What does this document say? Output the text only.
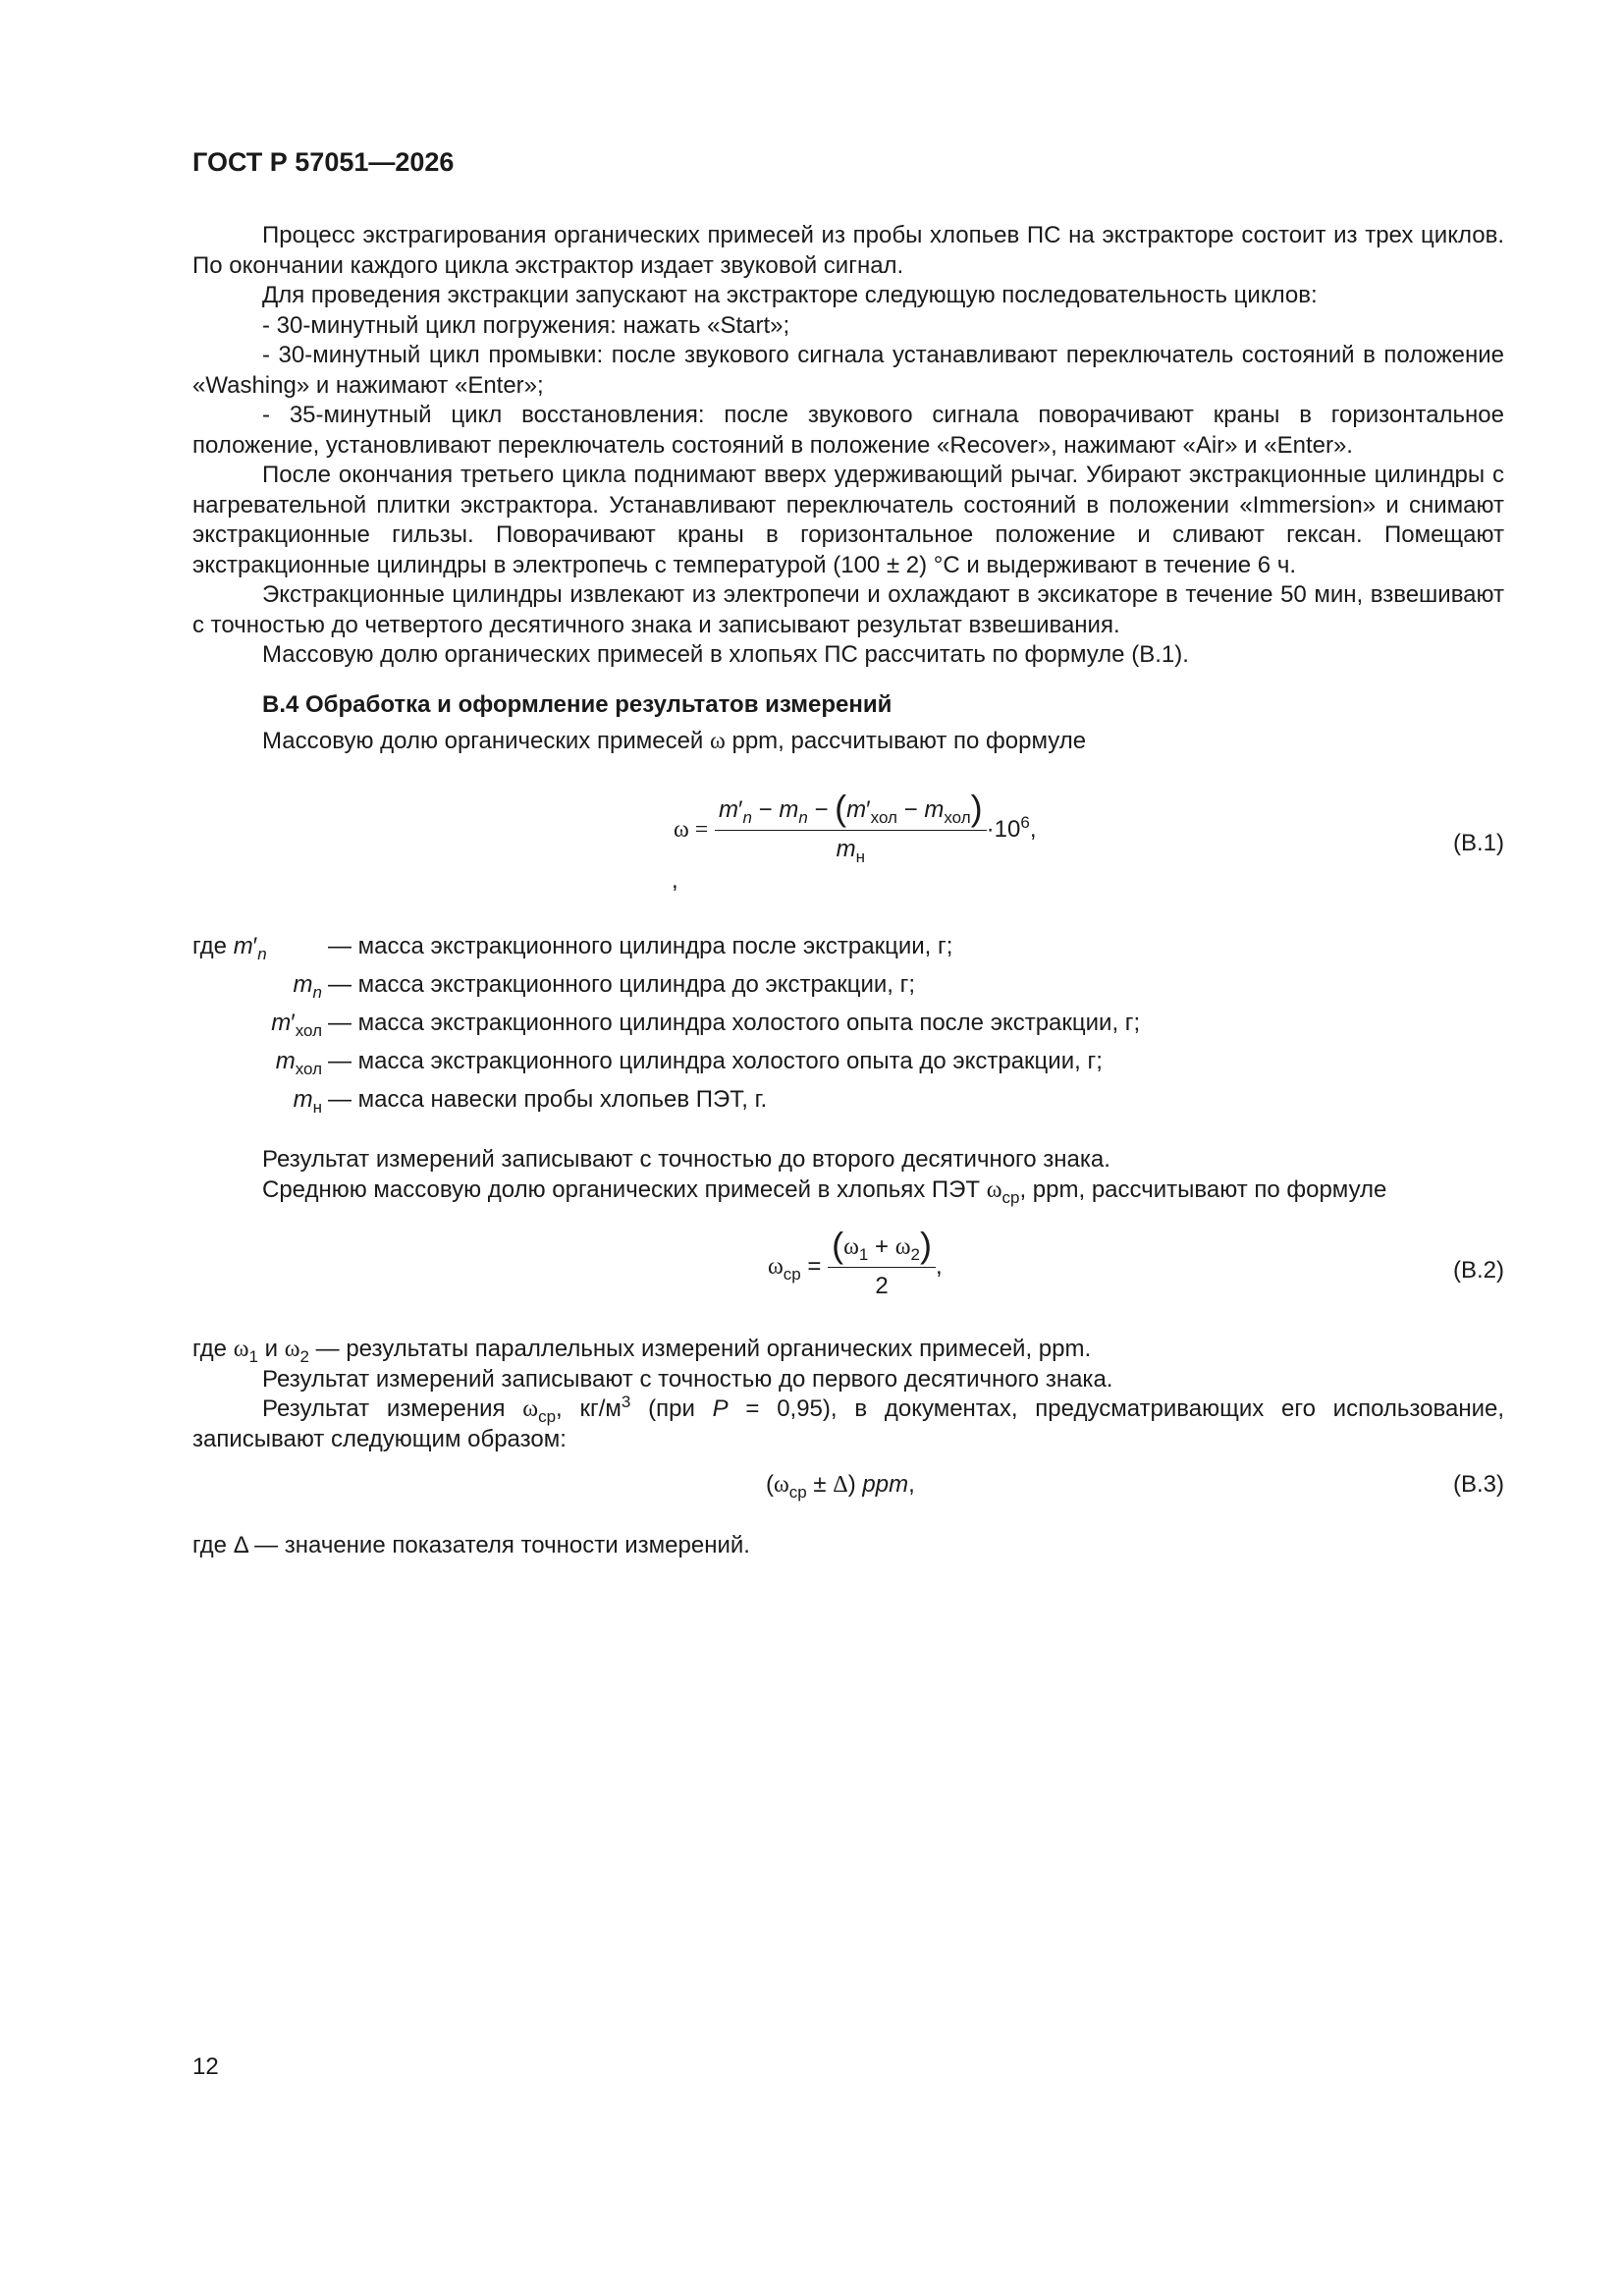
ГОСТ Р 57051—2026

Процесс экстрагирования органических примесей из пробы хлопьев ПС на экстракторе состоит из трех циклов. По окончании каждого цикла экстрактор издает звуковой сигнал.

Для проведения экстракции запускают на экстракторе следующую последовательность циклов:

- 30-минутный цикл погружения: нажать «Start»;

- 30-минутный цикл промывки: после звукового сигнала устанавливают переключатель состояний в положение «Washing» и нажимают «Enter»;

- 35-минутный цикл восстановления: после звукового сигнала поворачивают краны в горизонтальное положение, установливают переключатель состояний в положение «Recover», нажимают «Air» и «Enter».

После окончания третьего цикла поднимают вверх удерживающий рычаг. Убирают экстракционные цилиндры с нагревательной плитки экстрактора. Устанавливают переключатель состояний в положении «Immersion» и снимают экстракционные гильзы. Поворачивают краны в горизонтальное положение и сливают гексан. Помещают экстракционные цилиндры в электропечь с температурой (100 ± 2) °С и выдерживают в течение 6 ч.

Экстракционные цилиндры извлекают из электропечи и охлаждают в эксикаторе в течение 50 мин, взвешивают с точностью до четвертого десятичного знака и записывают результат взвешивания.

Массовую долю органических примесей в хлопьях ПС рассчитать по формуле (В.1).

В.4 Обработка и оформление результатов измерений

Массовую долю органических примесей ω ppm, рассчитывают по формуле

$\omega = \frac{m'_n - m_n - (m'_{хол} - m_{хол})}{m_н} \cdot 10^6$,
,
(В.1)
где $m'_n$	— масса экстракционного цилиндра после экстракции, г;
$m_n$ — масса экстракционного цилиндра до экстракции, г;
$m'_{хол}$ — масса экстракционного цилиндра холостого опыта после экстракции, г;
$m_{хол}$ — масса экстракционного цилиндра холостого опыта до экстракции, г;
$m_н$ — масса навески пробы хлопьев ПЭТ, г.

Результат измерений записывают с точностью до второго десятичного знака.

Среднюю массовую долю органических примесей в хлопьях ПЭТ $\omega_{ср}$, ppm, рассчитывают по формуле

$\omega_{ср} = \frac{(\omega_1 + \omega_2)}{2}$ ,	(В.2)

где $\omega_1$ и $\omega_2$ — результаты параллельных измерений органических примесей, ppm.

Результат измерений записывают с точностью до первого десятичного знака.

Результат измерения $\omega_{ср}$, $кг/м^3$ (при P = 0,95), в документах, предусматривающих его использование, записывают следующим образом:

$(\omega_{ср} \pm \Delta)$ ppm,	(В.3)

где Δ — значение показателя точности измерений.

12
